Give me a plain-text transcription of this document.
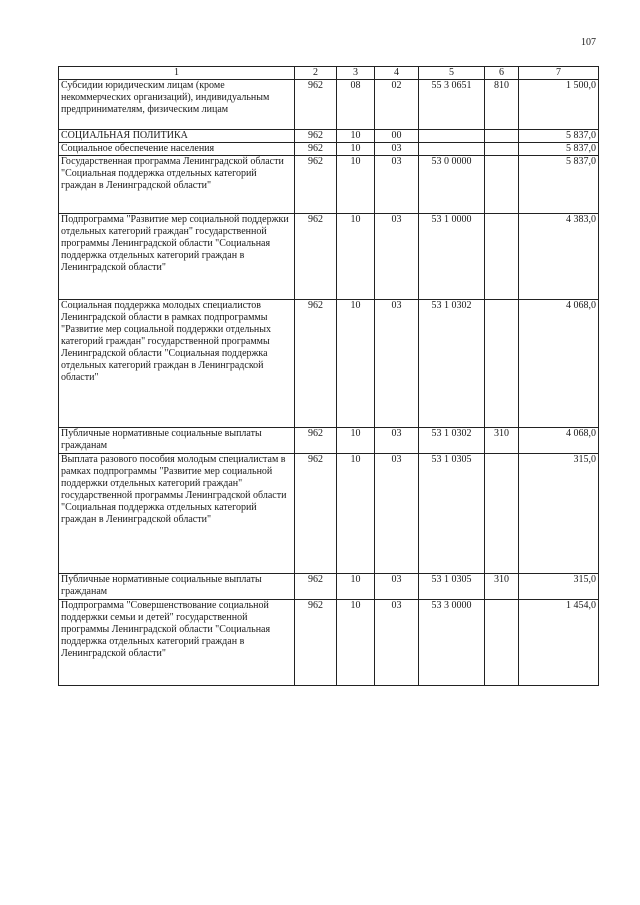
107
1	2	3	4	5	6	7
Субсидии юридическим лицам (кроме некоммерческих организаций), индивидуальным предпринимателям, физическим лицам	962	08	02	55 3 0651	810	1 500,0
СОЦИАЛЬНАЯ ПОЛИТИКА	962	10	00			5 837,0
Социальное обеспечение населения	962	10	03			5 837,0
Государственная программа Ленинградской области "Социальная поддержка отдельных категорий граждан в Ленинградской области"	962	10	03	53 0 0000		5 837,0
Подпрограмма "Развитие мер социальной поддержки отдельных категорий граждан" государственной программы Ленинградской области "Социальная поддержка отдельных категорий граждан в Ленинградской области"	962	10	03	53 1 0000		4 383,0
Социальная поддержка молодых специалистов Ленинградской области в рамках подпрограммы "Развитие мер социальной поддержки отдельных категорий граждан" государственной программы Ленинградской области "Социальная поддержка отдельных категорий граждан в Ленинградской области"	962	10	03	53 1 0302		4 068,0
Публичные нормативные социальные выплаты гражданам	962	10	03	53 1 0302	310	4 068,0
Выплата разового пособия молодым специалистам в рамках подпрограммы "Развитие мер социальной поддержки отдельных категорий граждан" государственной программы Ленинградской области "Социальная поддержка отдельных категорий граждан в Ленинградской области"	962	10	03	53 1 0305		315,0
Публичные нормативные социальные выплаты гражданам	962	10	03	53 1 0305	310	315,0
Подпрограмма "Совершенствование социальной поддержки семьи и детей" государственной программы Ленинградской области "Социальная поддержка отдельных категорий граждан в Ленинградской области"	962	10	03	53 3 0000		1 454,0
